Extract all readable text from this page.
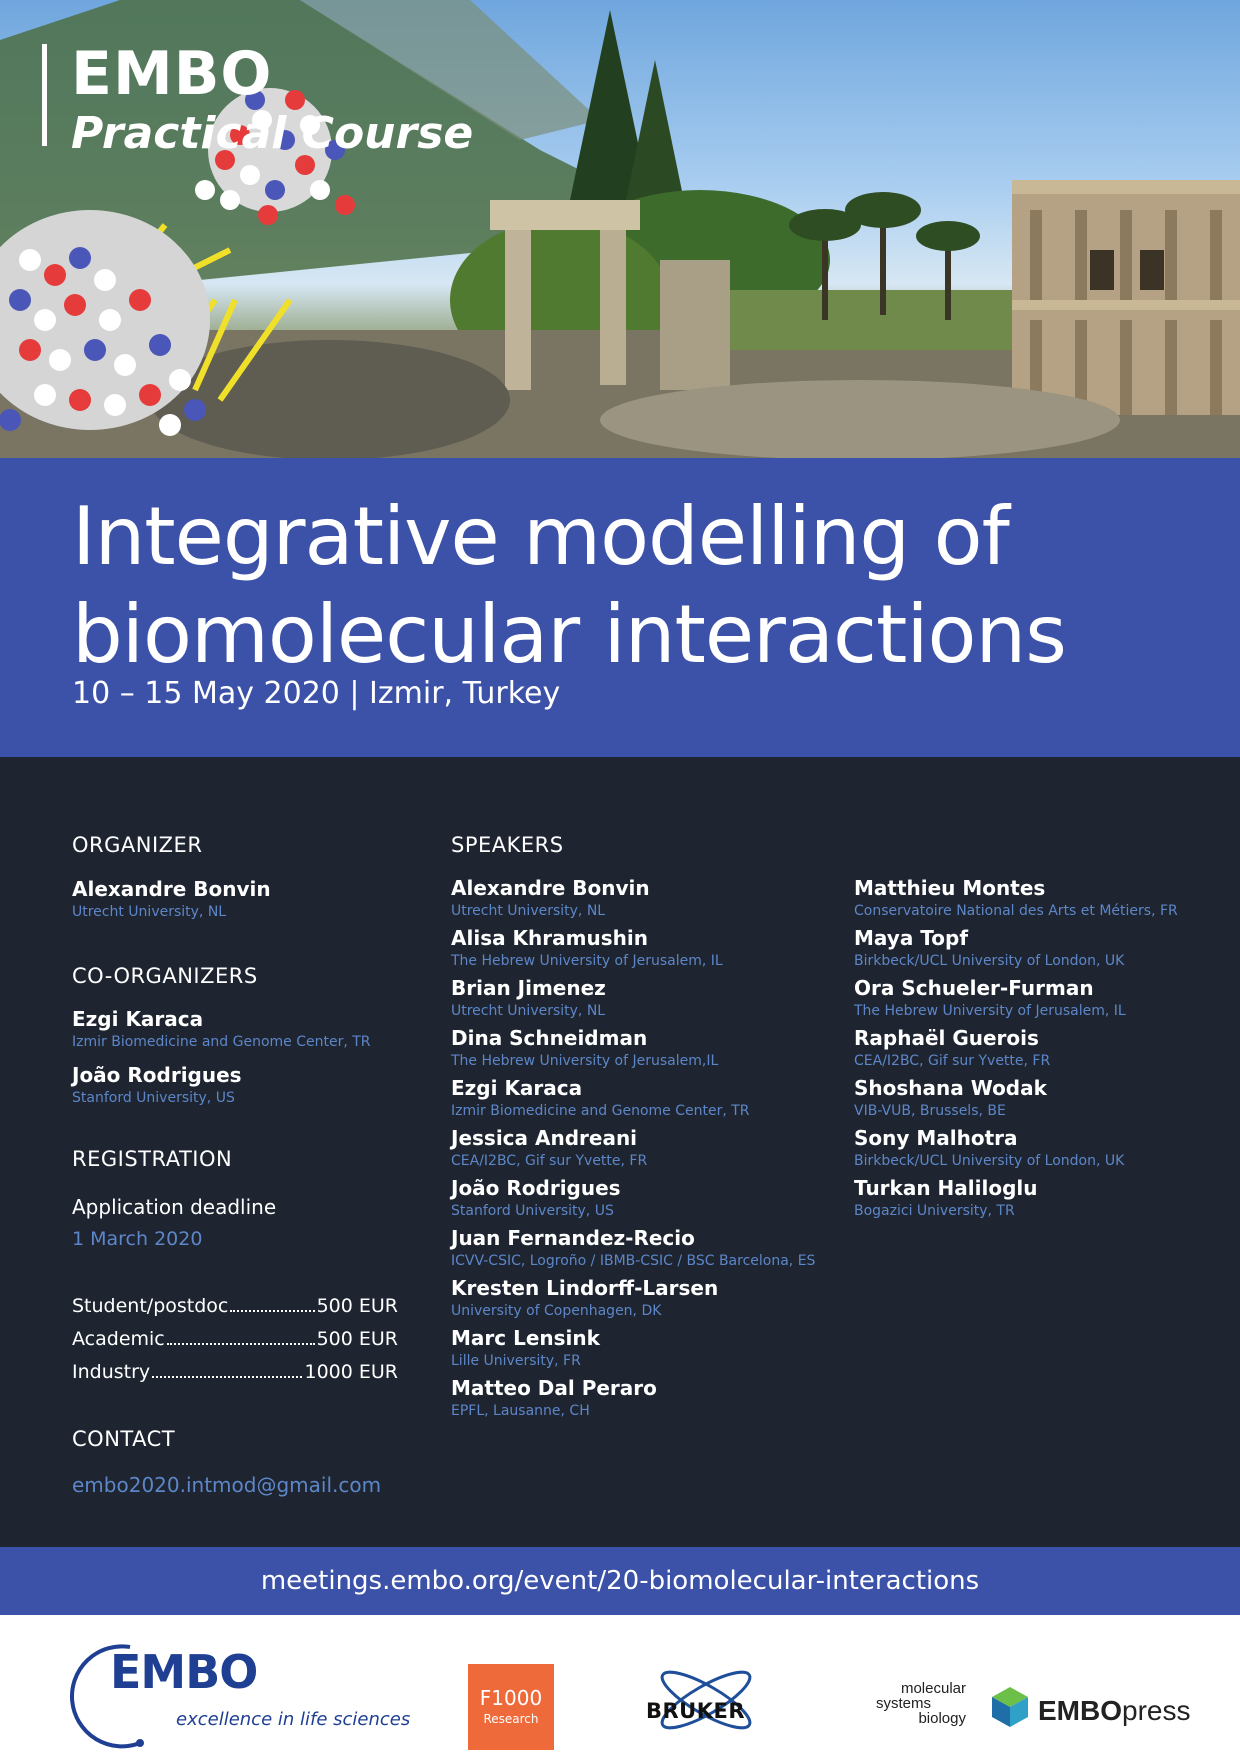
EMBO
Practical Course
Integrative modelling of biomolecular interactions
10 – 15 May 2020 | Izmir, Turkey
ORGANIZER
Alexandre Bonvin
Utrecht University, NL
CO-ORGANIZERS
Ezgi Karaca
Izmir Biomedicine and Genome Center, TR
João Rodrigues
Stanford University, US
REGISTRATION
Application deadline
1 March 2020
Student/postdoc	500 EUR
Academic	500 EUR
Industry	1000 EUR
CONTACT
embo2020.intmod@gmail.com
SPEAKERS
Alexandre Bonvin
Utrecht University, NL
Alisa Khramushin
The Hebrew University of Jerusalem, IL
Brian Jimenez
Utrecht University, NL
Dina Schneidman
The Hebrew University of Jerusalem,IL
Ezgi Karaca
Izmir Biomedicine and Genome Center, TR
Jessica Andreani
CEA/I2BC, Gif sur Yvette, FR
João Rodrigues
Stanford University, US
Juan Fernandez-Recio
ICVV-CSIC, Logroño / IBMB-CSIC / BSC Barcelona, ES
Kresten Lindorff-Larsen
University of Copenhagen, DK
Marc Lensink
Lille University, FR
Matteo Dal Peraro
EPFL, Lausanne, CH
Matthieu Montes
Conservatoire National des Arts et Métiers, FR
Maya Topf
Birkbeck/UCL University of London, UK
Ora Schueler-Furman
The Hebrew University of Jerusalem, IL
Raphaël Guerois
CEA/I2BC, Gif sur Yvette, FR
Shoshana Wodak
VIB-VUB, Brussels, BE
Sony Malhotra
Birkbeck/UCL University of London, UK
Turkan Haliloglu
Bogazici University, TR
meetings.embo.org/event/20-biomolecular-interactions
EMBO
excellence in life sciences
F1000
Research	BRUKER
molecular
systems
biology	EMBOpress
